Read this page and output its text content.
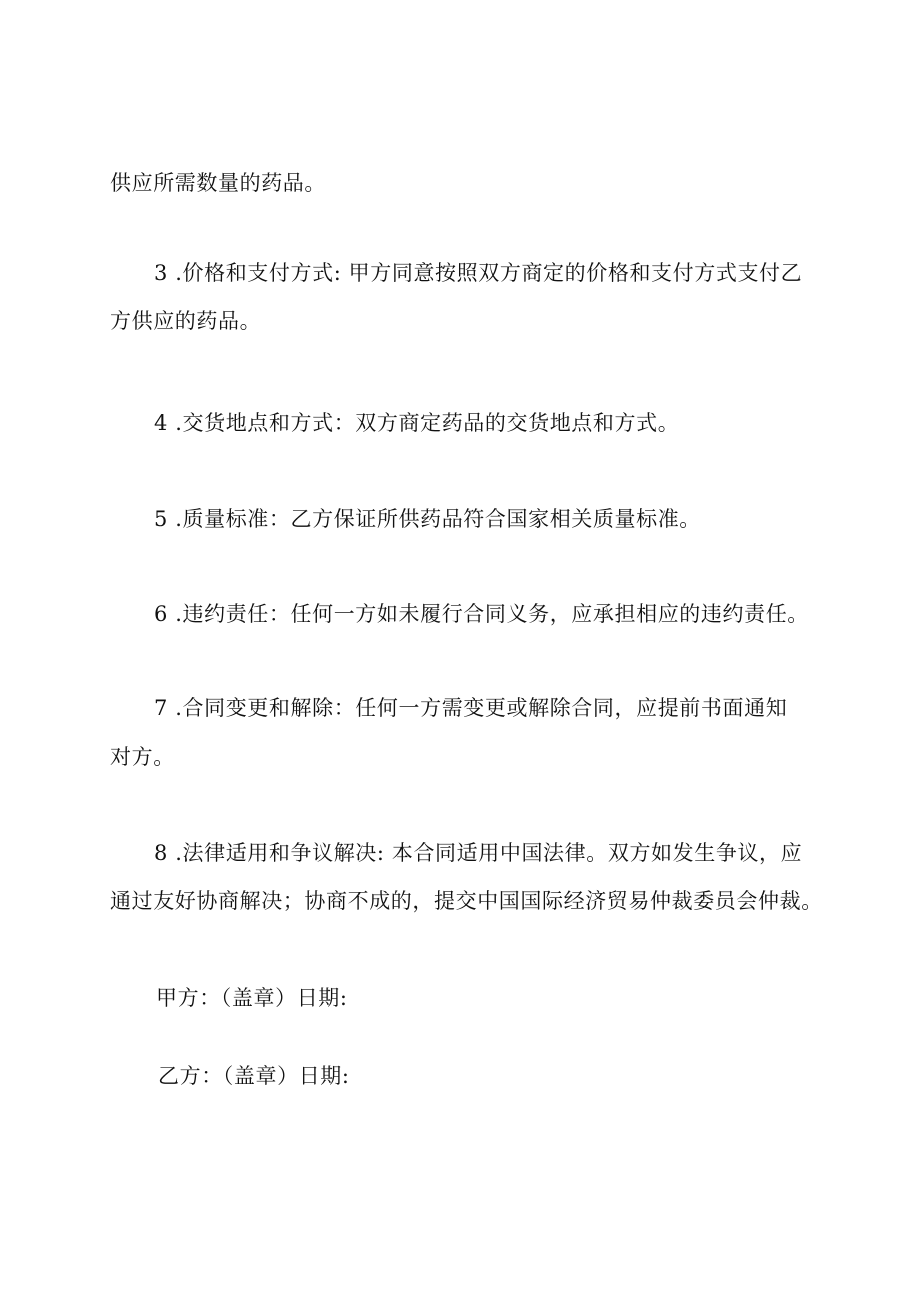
供应所需数量的药品。

3 .价格和支付方式: 甲方同意按照双方商定的价格和支付方式支付乙

方供应的药品。

4 .交货地点和方式：双方商定药品的交货地点和方式。

5 .质量标准：乙方保证所供药品符合国家相关质量标准。

6 .违约责任：任何一方如未履行合同义务，应承担相应的违约责任。

7 .合同变更和解除：任何一方需变更或解除合同，应提前书面通知

对方。

8 .法律适用和争议解决: 本合同适用中国法律。双方如发生争议，应

通过友好协商解决；协商不成的，提交中国国际经济贸易仲裁委员会仲裁。

甲方：（盖章）日期:

乙方：（盖章）日期:
